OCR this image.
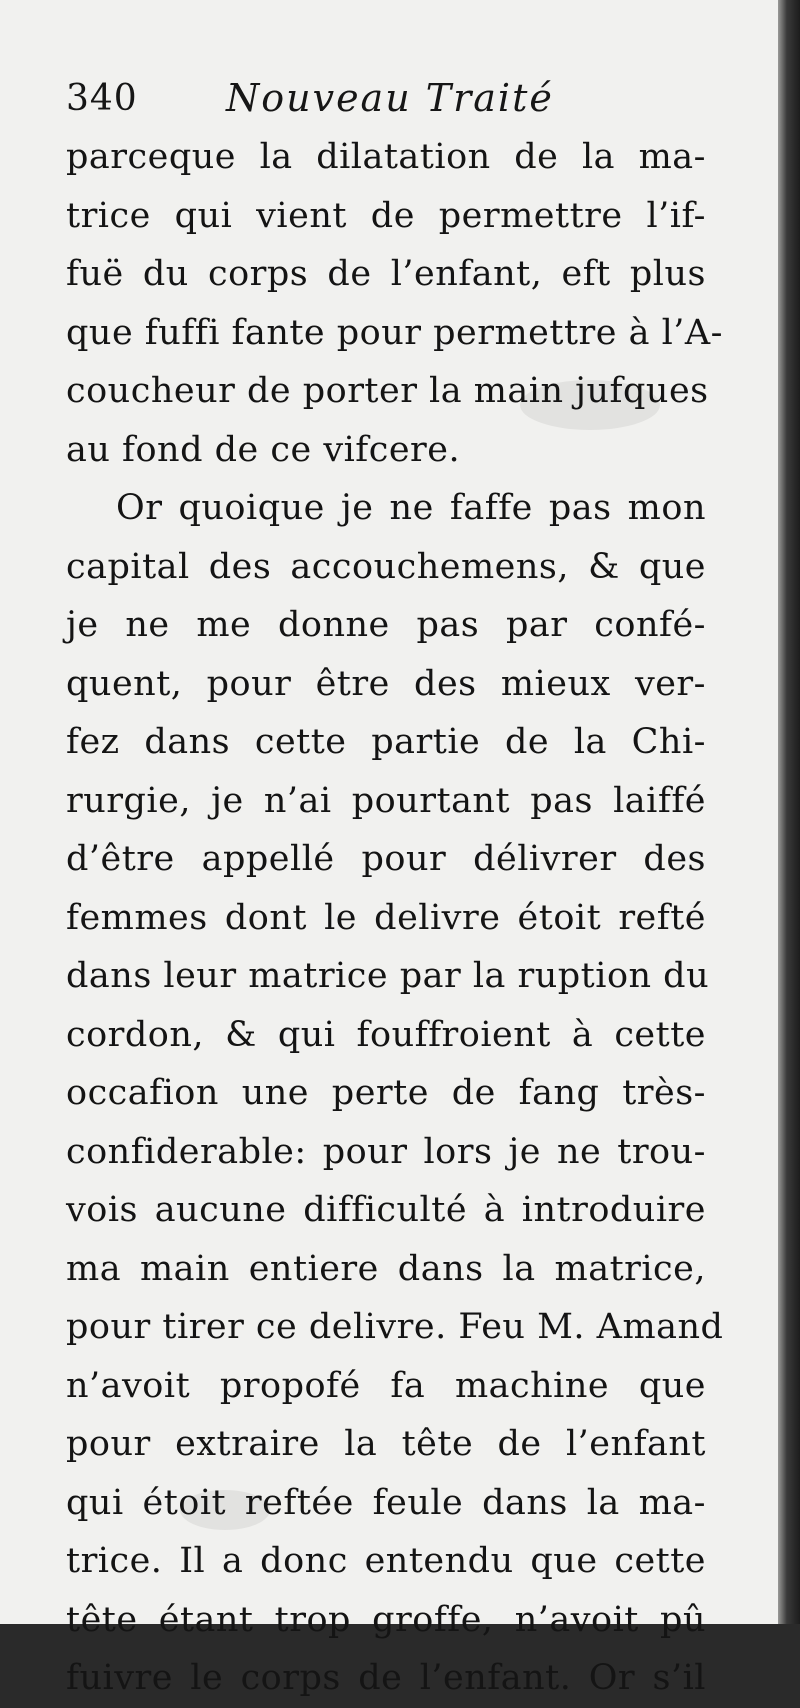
340 Nouveau Traité
parceque la dilatation de la ma-
trice qui vient de permettre l’if-
fuë du corps de l’enfant, eft plus
que fuffi fante pour permettre à l’A-
coucheur de porter la main jufques
au fond de ce vifcere.
Or quoique je ne faffe pas mon
capital des accouchemens, & que
je ne me donne pas par confé-
quent, pour être des mieux ver-
fez dans cette partie de la Chi-
rurgie, je n’ai pourtant pas laiffé
d’être appellé pour délivrer des
femmes dont le delivre étoit refté
dans leur matrice par la ruption du
cordon, & qui fouffroient à cette
occafion une perte de fang très-
confiderable: pour lors je ne trou-
vois aucune difficulté à introduire
ma main entiere dans la matrice,
pour tirer ce delivre. Feu M. Amand
n’avoit propofé fa machine que
pour extraire la tête de l’enfant
qui étoit reftée feule dans la ma-
trice. Il a donc entendu que cette
tête étant trop groffe, n’avoit pû
fuivre le corps de l’enfant. Or s’il
